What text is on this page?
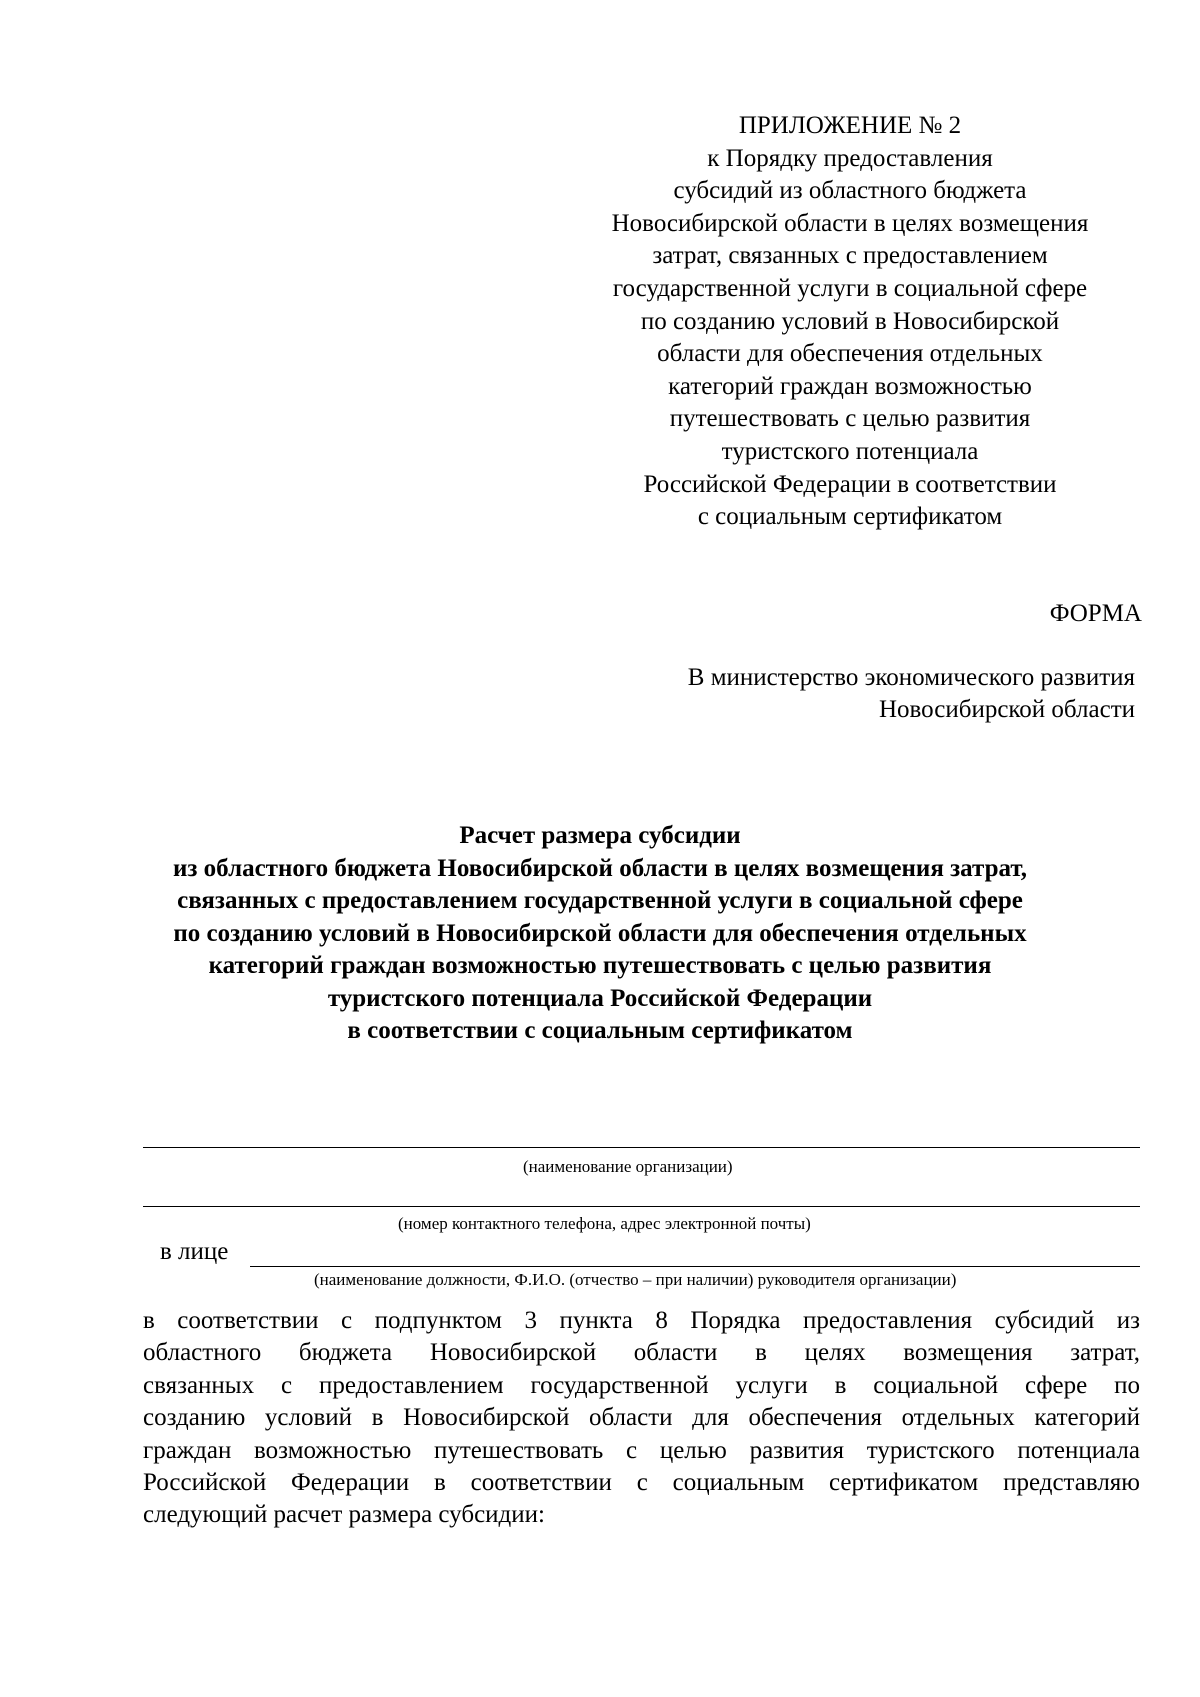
ПРИЛОЖЕНИЕ № 2
к Порядку предоставления
субсидий из областного бюджета
Новосибирской области в целях возмещения
затрат, связанных с предоставлением
государственной услуги в социальной сфере
по созданию условий в Новосибирской
области для обеспечения отдельных
категорий граждан возможностью
путешествовать с целью развития
туристского потенциала
Российской Федерации в соответствии
с социальным сертификатом
ФОРМА
В министерство экономического развития
Новосибирской области
Расчет размера субсидии
из областного бюджета Новосибирской области в целях возмещения затрат,
связанных с предоставлением государственной услуги в социальной сфере
по созданию условий в Новосибирской области для обеспечения отдельных
категорий граждан возможностью путешествовать с целью развития
туристского потенциала Российской Федерации
в соответствии с социальным сертификатом
(наименование организации)
(номер контактного телефона, адрес электронной почты)
в лице
(наименование должности, Ф.И.О. (отчество – при наличии) руководителя организации)
в соответствии с подпунктом 3 пункта 8 Порядка предоставления субсидий из
областного бюджета Новосибирской области в целях возмещения затрат,
связанных с предоставлением государственной услуги в социальной сфере по
созданию условий в Новосибирской области для обеспечения отдельных категорий
граждан возможностью путешествовать с целью развития туристского потенциала
Российской Федерации в соответствии с социальным сертификатом представляю
следующий расчет размера субсидии:
